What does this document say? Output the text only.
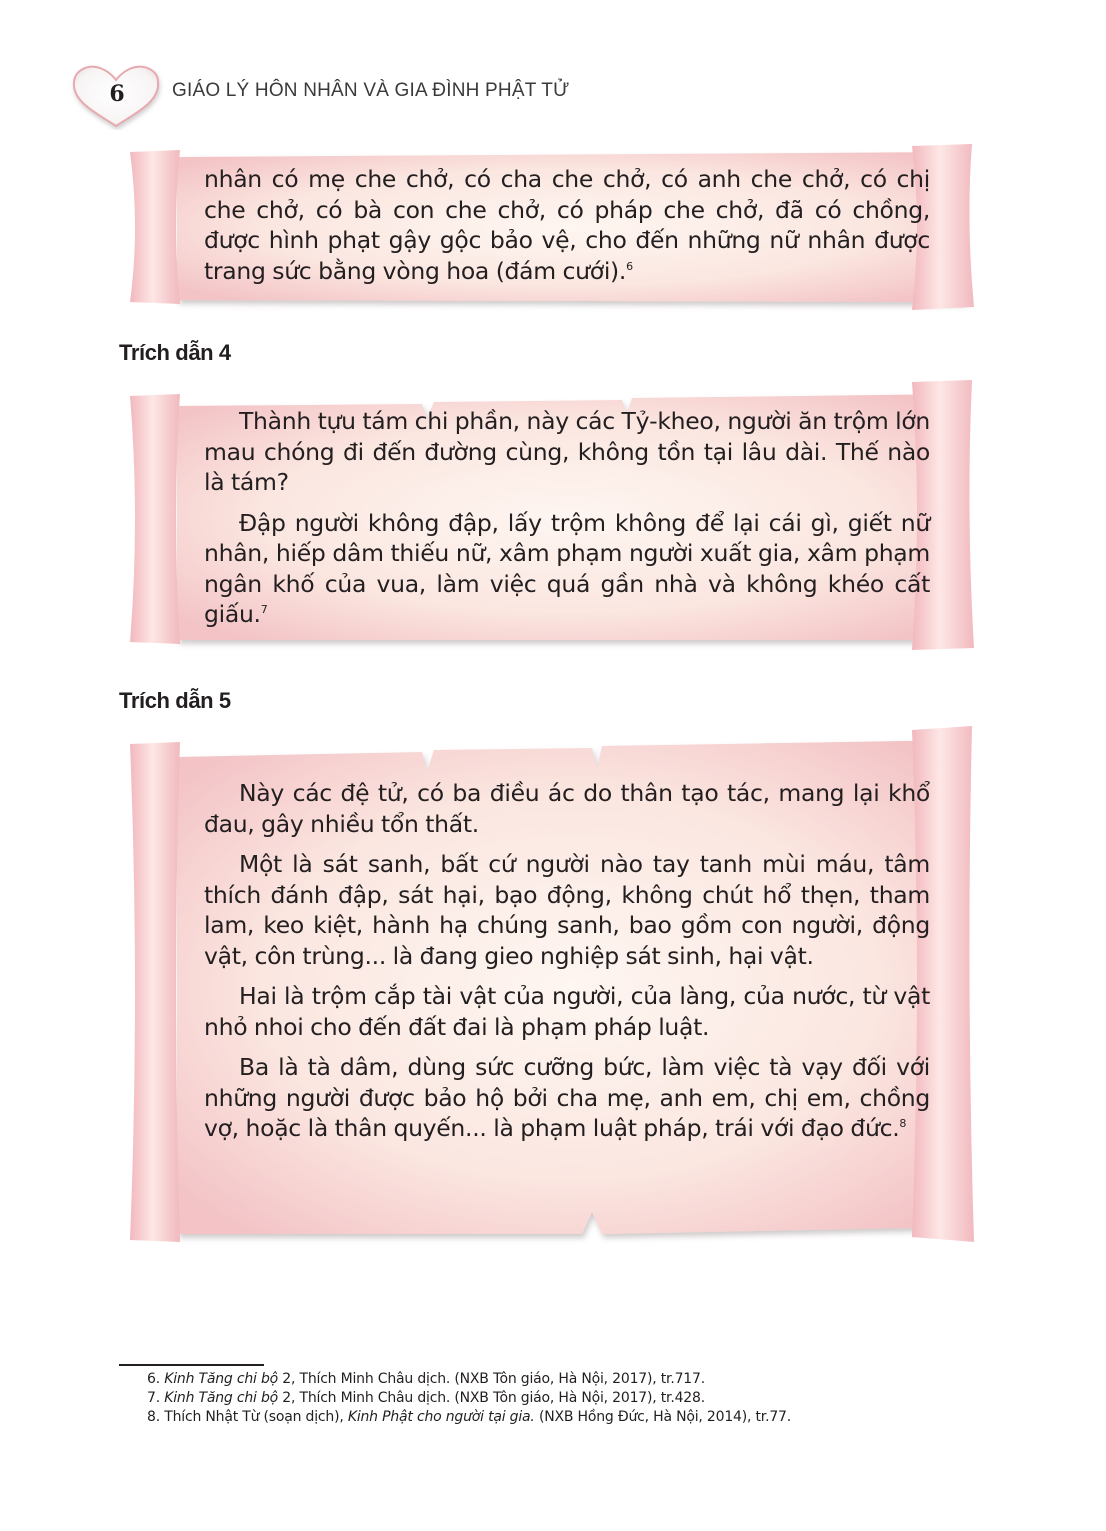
6 GIÁO LÝ HÔN NHÂN VÀ GIA ĐÌNH PHẬT TỬ

nhân có mẹ che chở, có cha che chở, có anh che chở, có chị che chở, có bà con che chở, có pháp che chở, đã có chồng, được hình phạt gậy gộc bảo vệ, cho đến những nữ nhân được trang sức bằng vòng hoa (đám cưới).$^6$

Trích dẫn 4

Thành tựu tám chi phần, này các Tỷ-kheo, người ăn trộm lớn mau chóng đi đến đường cùng, không tồn tại lâu dài. Thế nào là tám?

Đập người không đập, lấy trộm không để lại cái gì, giết nữ nhân, hiếp dâm thiếu nữ, xâm phạm người xuất gia, xâm phạm ngân khố của vua, làm việc quá gần nhà và không khéo cất giấu.$^7$

Trích dẫn 5

Này các đệ tử, có ba điều ác do thân tạo tác, mang lại khổ đau, gây nhiều tổn thất.

Một là sát sanh, bất cứ người nào tay tanh mùi máu, tâm thích đánh đập, sát hại, bạo động, không chút hổ thẹn, tham lam, keo kiệt, hành hạ chúng sanh, bao gồm con người, động vật, côn trùng... là đang gieo nghiệp sát sinh, hại vật.

Hai là trộm cắp tài vật của người, của làng, của nước, từ vật nhỏ nhoi cho đến đất đai là phạm pháp luật.

Ba là tà dâm, dùng sức cưỡng bức, làm việc tà vạy đối với những người được bảo hộ bởi cha mẹ, anh em, chị em, chồng vợ, hoặc là thân quyến... là phạm luật pháp, trái với đạo đức.$^8$

6. Kinh Tăng chi bộ 2, Thích Minh Châu dịch. (NXB Tôn giáo, Hà Nội, 2017), tr.717.
7. Kinh Tăng chi bộ 2, Thích Minh Châu dịch. (NXB Tôn giáo, Hà Nội, 2017), tr.428.
8. Thích Nhật Từ (soạn dịch), Kinh Phật cho người tại gia. (NXB Hồng Đức, Hà Nội, 2014), tr.77.
